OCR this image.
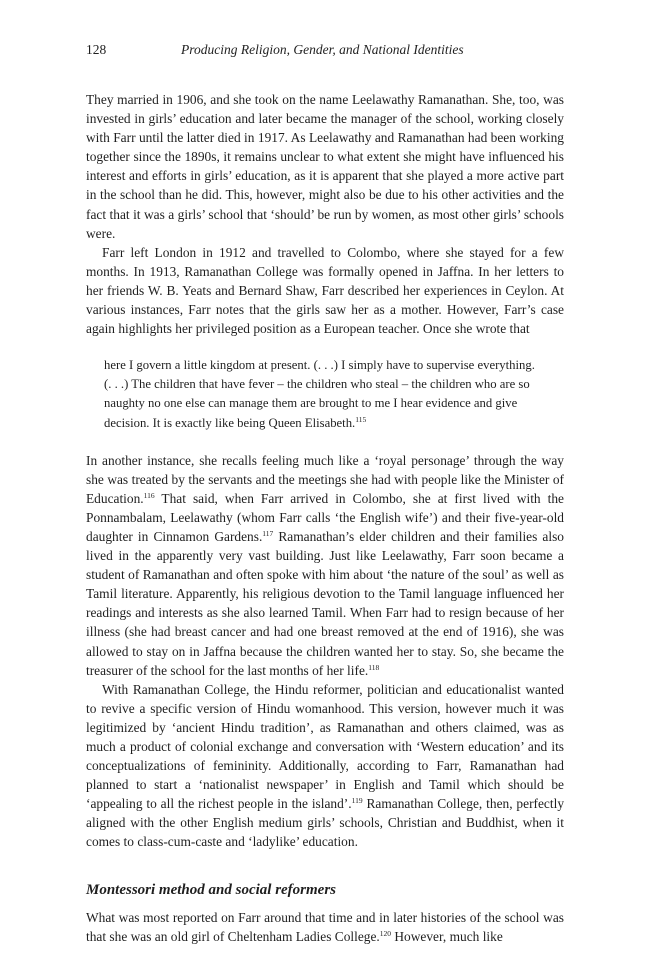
128	Producing Religion, Gender, and National Identities

They married in 1906, and she took on the name Leelawathy Ramanathan. She, too, was invested in girls’ education and later became the manager of the school, working closely with Farr until the latter died in 1917. As Leelawathy and Ramanathan had been working together since the 1890s, it remains unclear to what extent she might have influenced his interest and efforts in girls’ education, as it is apparent that she played a more active part in the school than he did. This, however, might also be due to his other activities and the fact that it was a girls’ school that ‘should’ be run by women, as most other girls’ schools were.

Farr left London in 1912 and travelled to Colombo, where she stayed for a few months. In 1913, Ramanathan College was formally opened in Jaffna. In her letters to her friends W. B. Yeats and Bernard Shaw, Farr described her experiences in Ceylon. At various instances, Farr notes that the girls saw her as a mother. However, Farr’s case again highlights her privileged position as a European teacher. Once she wrote that

here I govern a little kingdom at present. (. . .) I simply have to supervise everything. (. . .) The children that have fever – the children who steal – the children who are so naughty no one else can manage them are brought to me I hear evidence and give decision. It is exactly like being Queen Elisabeth.$^{115}$

In another instance, she recalls feeling much like a ‘royal personage’ through the way she was treated by the servants and the meetings she had with people like the Minister of Education.$^{116}$ That said, when Farr arrived in Colombo, she at first lived with the Ponnambalam, Leelawathy (whom Farr calls ‘the English wife’) and their five-year-old daughter in Cinnamon Gardens.$^{117}$ Ramanathan’s elder children and their families also lived in the apparently very vast building. Just like Leelawathy, Farr soon became a student of Ramanathan and often spoke with him about ‘the nature of the soul’ as well as Tamil literature. Apparently, his religious devotion to the Tamil language influenced her readings and interests as she also learned Tamil. When Farr had to resign because of her illness (she had breast cancer and had one breast removed at the end of 1916), she was allowed to stay on in Jaffna because the children wanted her to stay. So, she became the treasurer of the school for the last months of her life.$^{118}$

With Ramanathan College, the Hindu reformer, politician and educationalist wanted to revive a specific version of Hindu womanhood. This version, however much it was legitimized by ‘ancient Hindu tradition’, as Ramanathan and others claimed, was as much a product of colonial exchange and conversation with ‘Western education’ and its conceptualizations of femininity. Additionally, according to Farr, Ramanathan had planned to start a ‘nationalist newspaper’ in English and Tamil which should be ‘appealing to all the richest people in the island’.$^{119}$ Ramanathan College, then, perfectly aligned with the other English medium girls’ schools, Christian and Buddhist, when it comes to class-cum-caste and ‘ladylike’ education.

Montessori method and social reformers

What was most reported on Farr around that time and in later histories of the school was that she was an old girl of Cheltenham Ladies College.$^{120}$ However, much like
